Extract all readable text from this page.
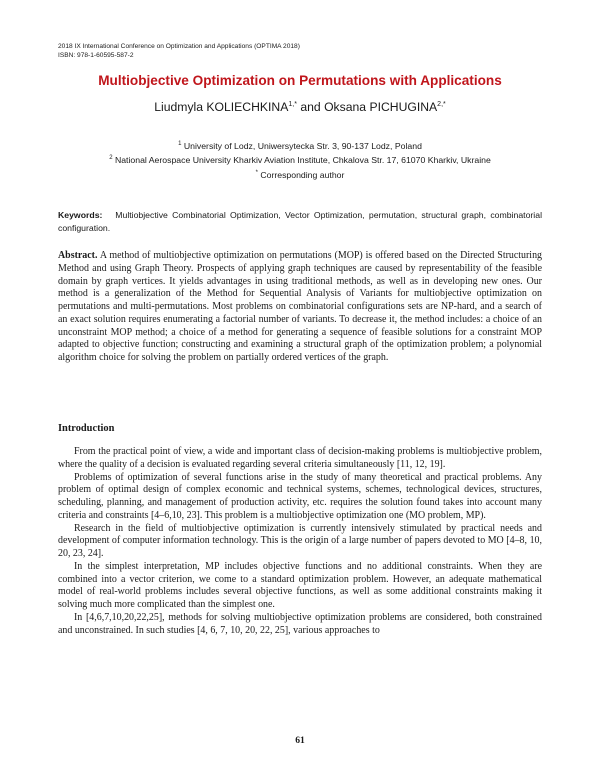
2018 IX International Conference on Optimization and Applications (OPTIMA 2018)
ISBN: 978-1-60595-587-2
Multiobjective Optimization on Permutations with Applications
Liudmyla $KOLIECHKINA^{1,*}$ and Oksana $PICHUGINA^{2,*}$
$^1$ University of Lodz, Uniwersytecka Str. 3, 90-137 Lodz, Poland
$^2$ National Aerospace University Kharkiv Aviation Institute, Chkalova Str. 17, 61070 Kharkiv, Ukraine
* Corresponding author
Keywords: Multiobjective Combinatorial Optimization, Vector Optimization, permutation, structural graph, combinatorial configuration.
Abstract. A method of multiobjective optimization on permutations (MOP) is offered based on the Directed Structuring Method and using Graph Theory. Prospects of applying graph techniques are caused by representability of the feasible domain by graph vertices. It yields advantages in using traditional methods, as well as in developing new ones. Our method is a generalization of the Method for Sequential Analysis of Variants for multiobjective optimization on permutations and multi-permutations. Most problems on combinatorial configurations sets are NP-hard, and a search of an exact solution requires enumerating a factorial number of variants. To decrease it, the method includes: a choice of an unconstraint MOP method; a choice of a method for generating a sequence of feasible solutions for a constraint MOP adapted to objective function; constructing and examining a structural graph of the optimization problem; a polynomial algorithm choice for solving the problem on partially ordered vertices of the graph.
Introduction

From the practical point of view, a wide and important class of decision-making problems is multiobjective problem, where the quality of a decision is evaluated regarding several criteria simultaneously [11, 12, 19].

Problems of optimization of several functions arise in the study of many theoretical and practical problems. Any problem of optimal design of complex economic and technical systems, schemes, technological devices, structures, scheduling, planning, and management of production activity, etc. requires the solution found takes into account many criteria and constraints [4–6,10, 23]. This problem is a multiobjective optimization one (MO problem, MP).

Research in the field of multiobjective optimization is currently intensively stimulated by practical needs and development of computer information technology. This is the origin of a large number of papers devoted to MO [4–8, 10, 20, 23, 24].

In the simplest interpretation, MP includes objective functions and no additional constraints. When they are combined into a vector criterion, we come to a standard optimization problem. However, an adequate mathematical model of real-world problems includes several objective functions, as well as some additional constraints making it solving much more complicated than the simplest one.

In [4,6,7,10,20,22,25], methods for solving multiobjective optimization problems are considered, both constrained and unconstrained. In such studies [4, 6, 7, 10, 20, 22, 25], various approaches to

61
